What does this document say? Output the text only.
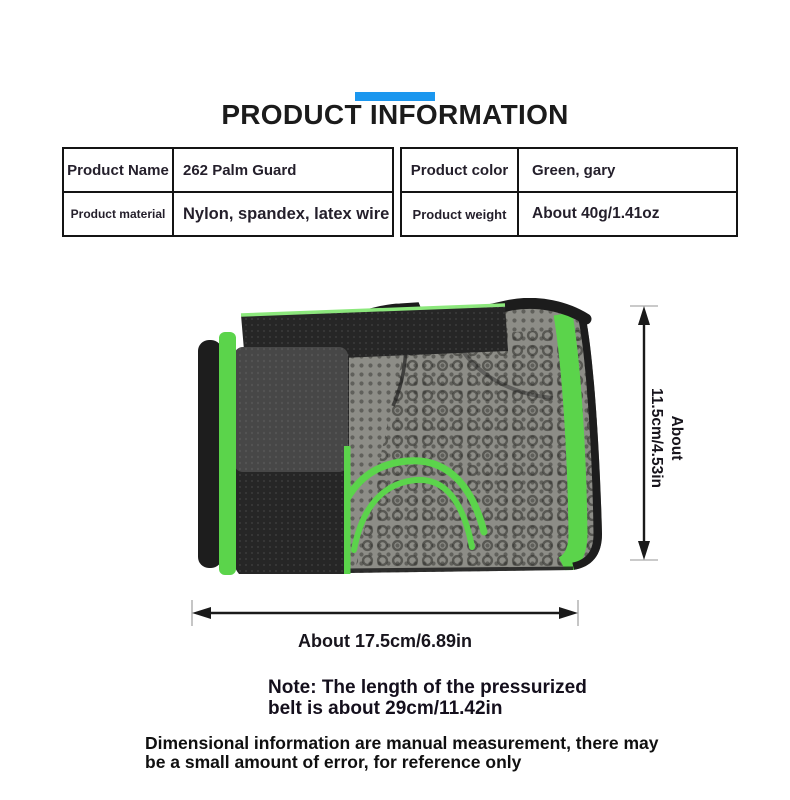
PRODUCT INFORMATION
Product Name	262 Palm Guard
Product material	Nylon, spandex, latex wire
Product color	Green, gary
Product weight	About 40g/1.41oz
About
11.5cm/4.53in
About 17.5cm/6.89in
Note: The length of the pressurized
belt is about 29cm/11.42in
Dimensional information are manual measurement, there may
be a small amount of error, for reference only
